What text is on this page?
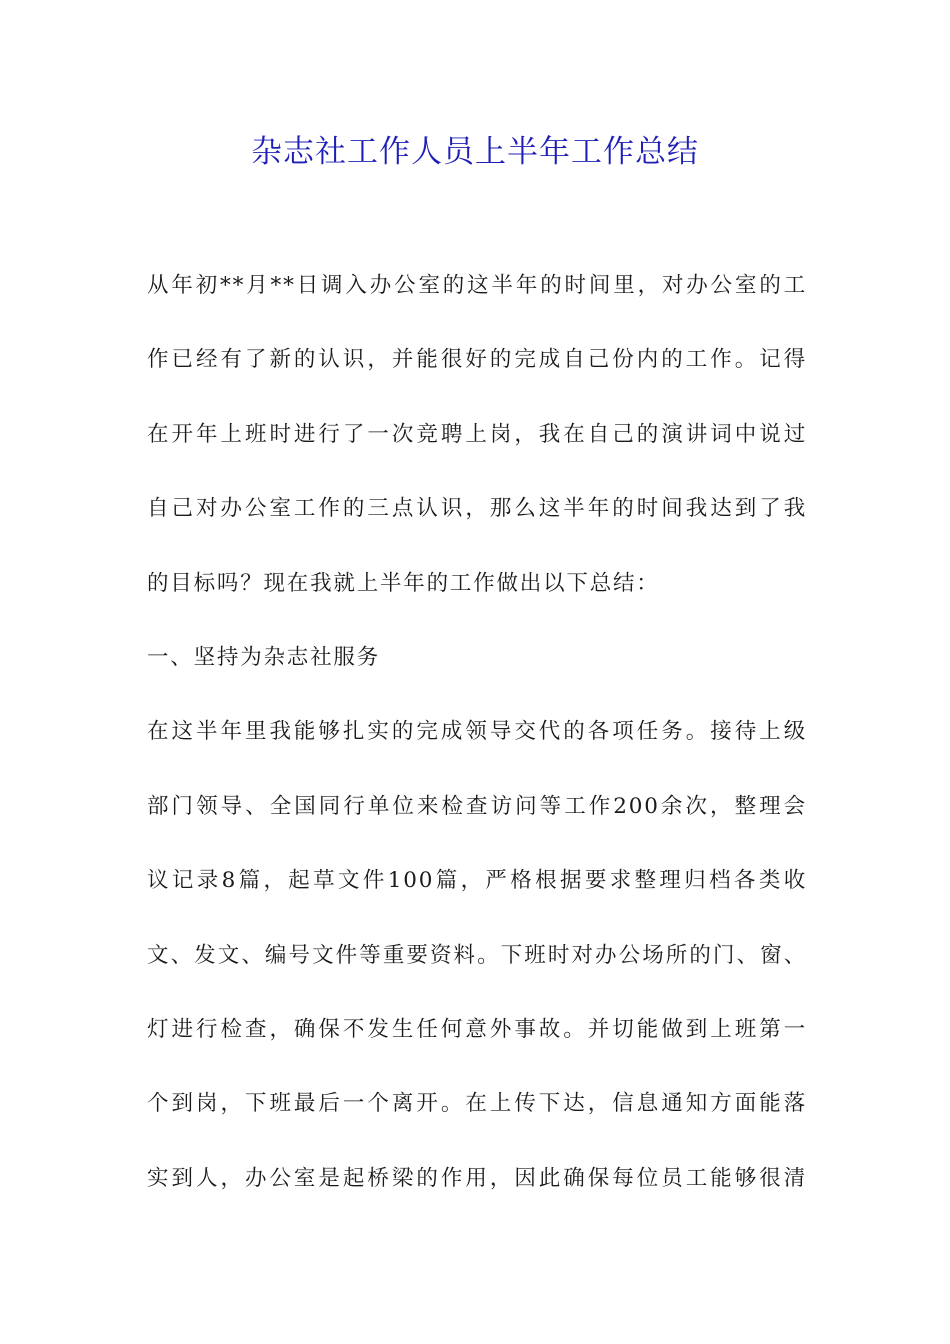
杂志社工作人员上半年工作总结
从年初**月**日调入办公室的这半年的时间里，对办公室的工
作已经有了新的认识，并能很好的完成自己份内的工作。记得
在开年上班时进行了一次竞聘上岗，我在自己的演讲词中说过
自己对办公室工作的三点认识，那么这半年的时间我达到了我
的目标吗？现在我就上半年的工作做出以下总结：
一、坚持为杂志社服务
在这半年里我能够扎实的完成领导交代的各项任务。接待上级
部门领导、全国同行单位来检查访问等工作200余次，整理会
议记录8篇，起草文件100篇，严格根据要求整理归档各类收
文、发文、编号文件等重要资料。下班时对办公场所的门、窗、
灯进行检查，确保不发生任何意外事故。并切能做到上班第一
个到岗，下班最后一个离开。在上传下达，信息通知方面能落
实到人，办公室是起桥梁的作用，因此确保每位员工能够很清
